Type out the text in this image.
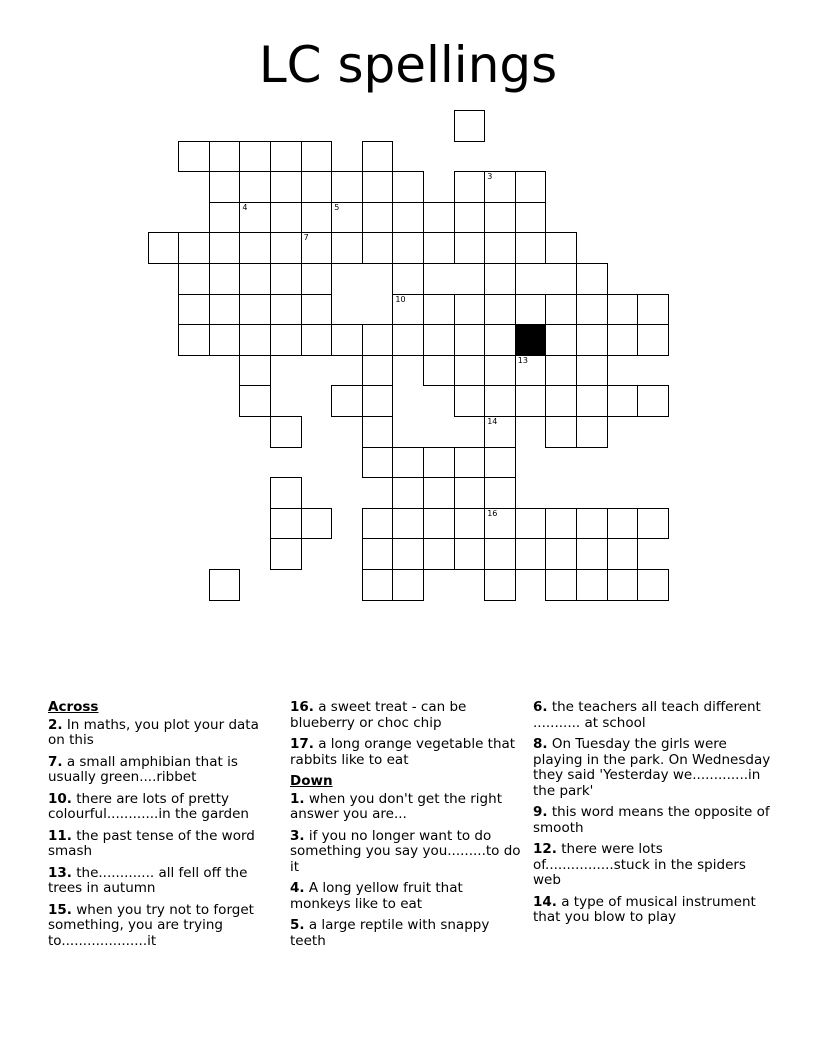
LC spellings
3
4	5
7
10
13
14
16
Across
2. In maths, you plot your data on this
7. a small amphibian that is usually green....ribbet
10. there are lots of pretty colourful............in the garden
11. the past tense of the word smash
13. the............. all fell off the trees in autumn
15. when you try not to forget something, you are trying to....................it
16. a sweet treat - can be blueberry or choc chip
17. a long orange vegetable that rabbits like to eat
Down
1. when you don't get the right answer you are...
3. if you no longer want to do something you say you.........to do it
4. A long yellow fruit that monkeys like to eat
5. a large reptile with snappy teeth
6. the teachers all teach different ........... at school
8. On Tuesday the girls were playing in the park. On Wednesday they said 'Yesterday we.............in the park'
9. this word means the opposite of smooth
12. there were lots of................stuck in the spiders web
14. a type of musical instrument that you blow to play
